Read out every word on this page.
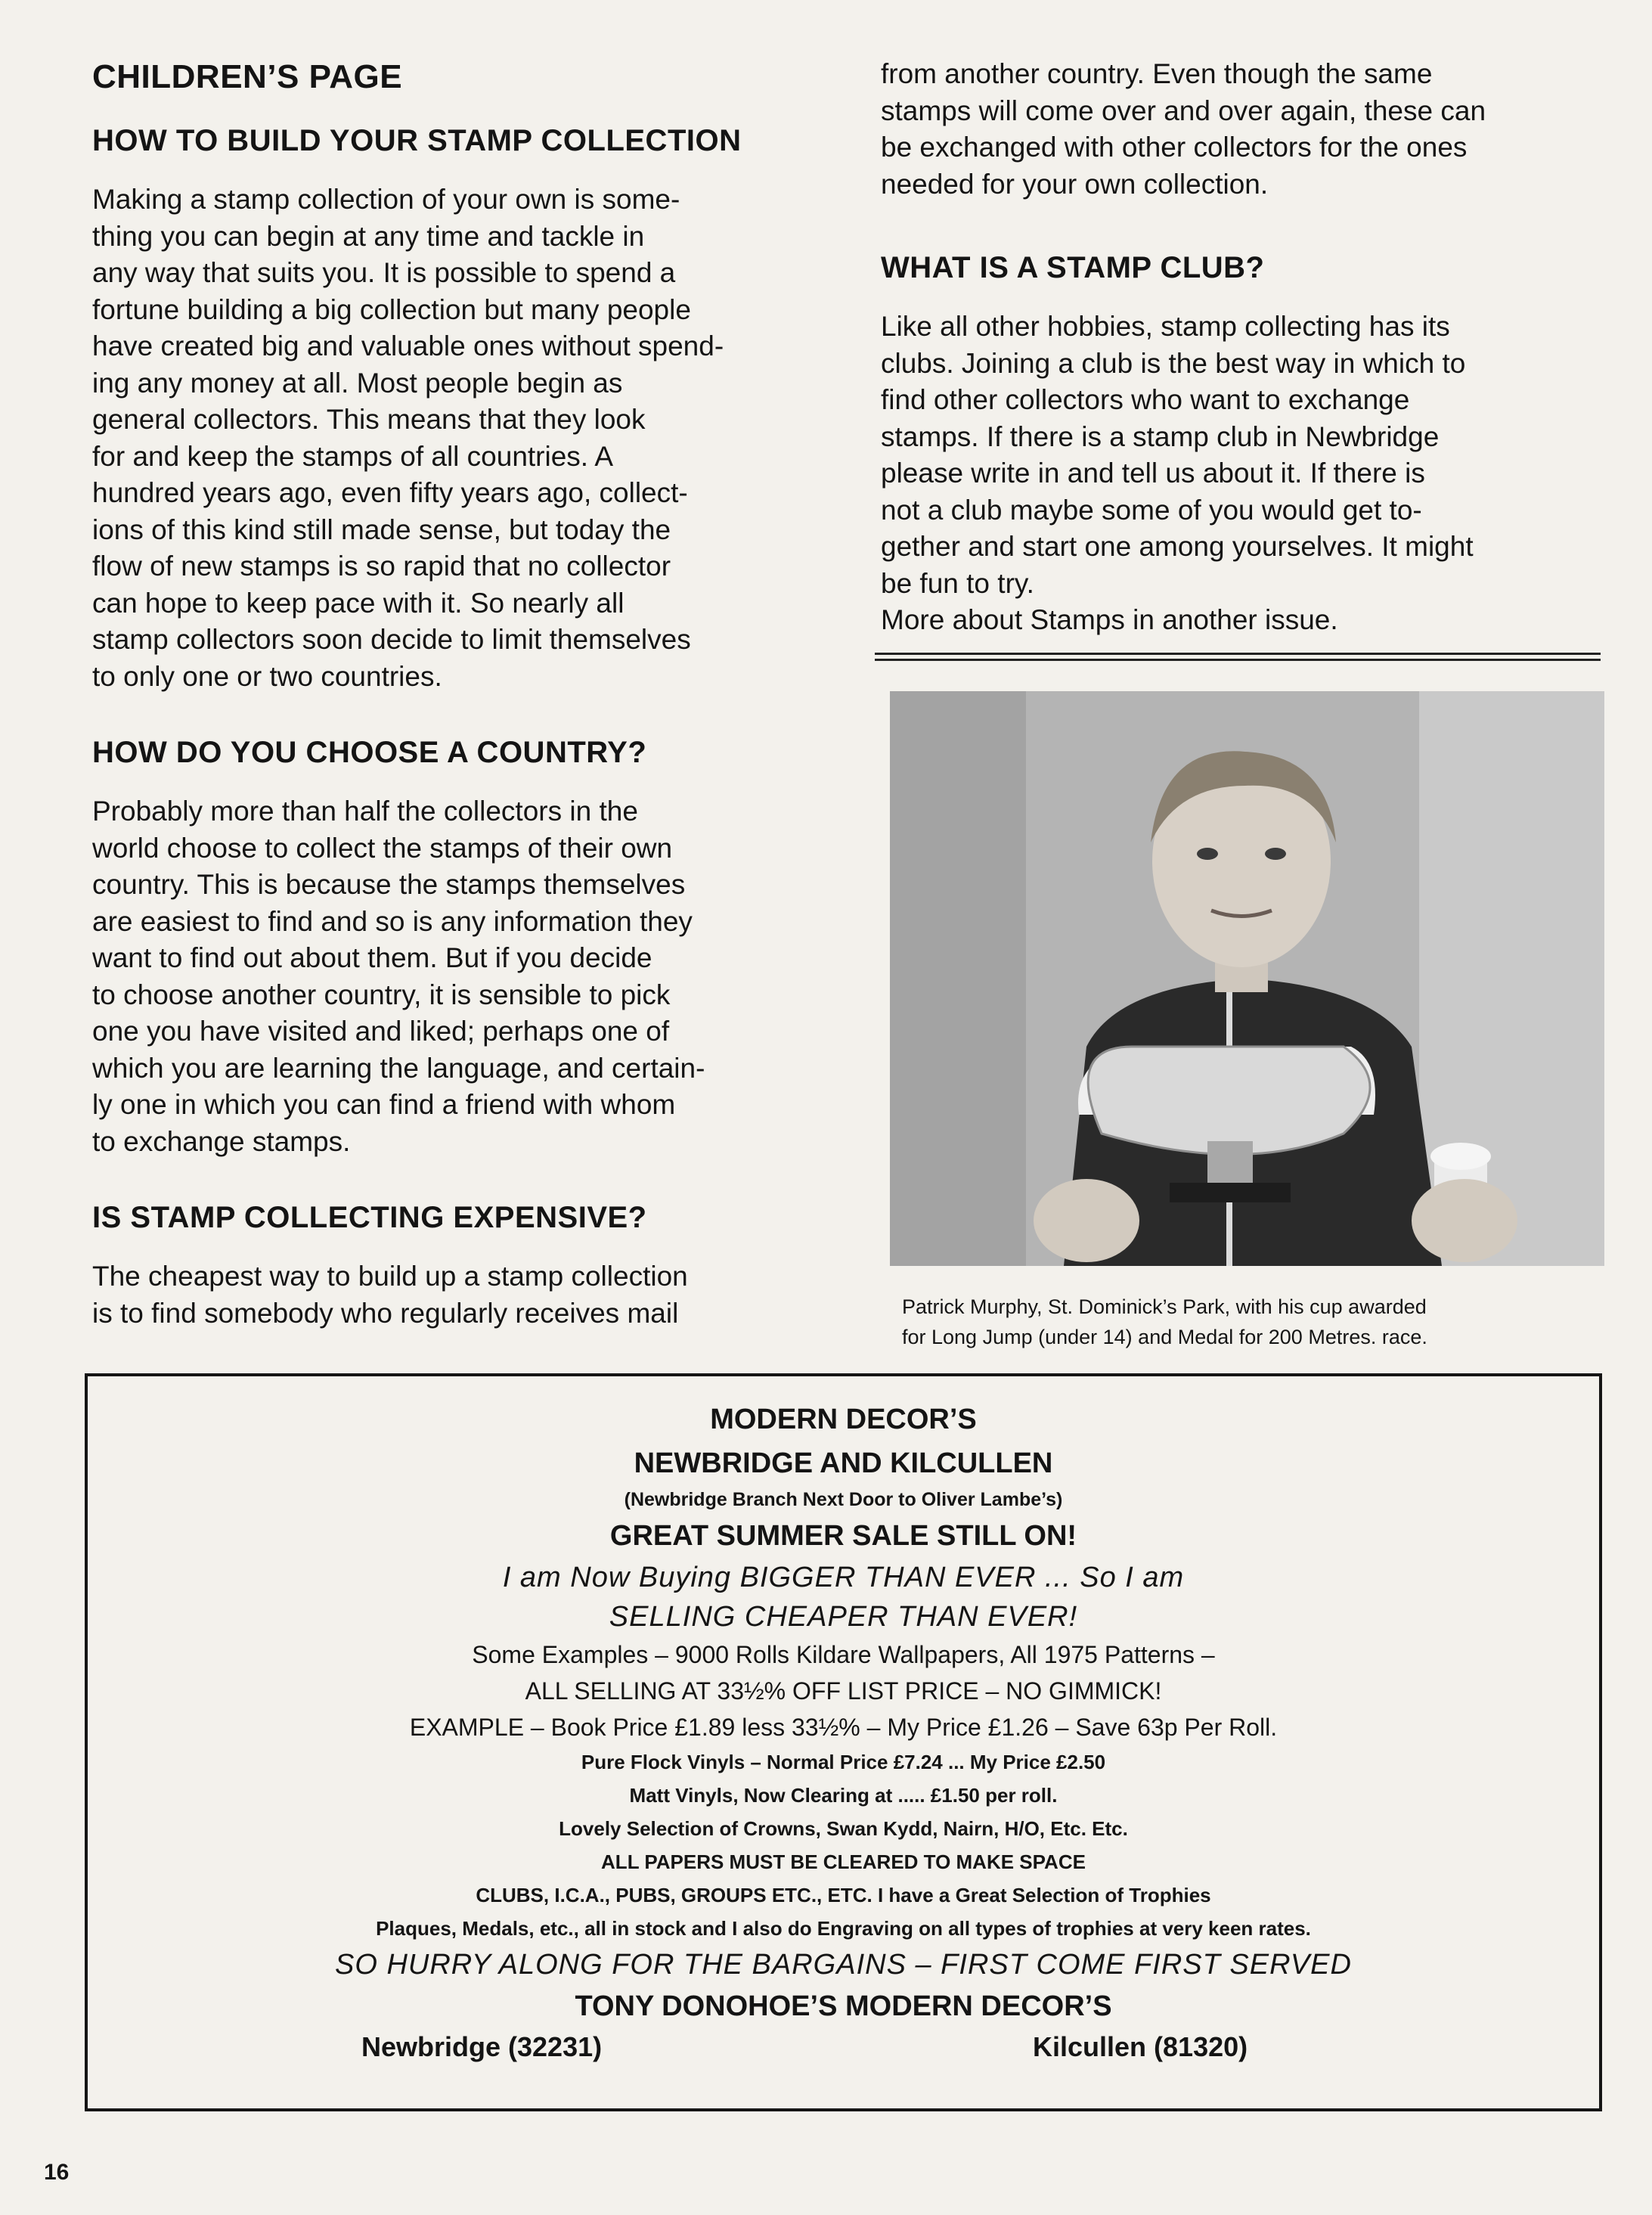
CHILDREN’S PAGE
HOW TO BUILD YOUR STAMP COLLECTION

Making a stamp collection of your own is some-
thing you can begin at any time and tackle in
any way that suits you. It is possible to spend a
fortune building a big collection but many people
have created big and valuable ones without spend-
ing any money at all. Most people begin as
general collectors. This means that they look
for and keep the stamps of all countries. A
hundred years ago, even fifty years ago, collect-
ions of this kind still made sense, but today the
flow of new stamps is so rapid that no collector
can hope to keep pace with it. So nearly all
stamp collectors soon decide to limit themselves
to only one or two countries.

HOW DO YOU CHOOSE A COUNTRY?

Probably more than half the collectors in the
world choose to collect the stamps of their own
country. This is because the stamps themselves
are easiest to find and so is any information they
want to find out about them. But if you decide
to choose another country, it is sensible to pick
one you have visited and liked; perhaps one of
which you are learning the language, and certain-
ly one in which you can find a friend with whom
to exchange stamps.

IS STAMP COLLECTING EXPENSIVE?

The cheapest way to build up a stamp collection
is to find somebody who regularly receives mail

from another country. Even though the same
stamps will come over and over again, these can
be exchanged with other collectors for the ones
needed for your own collection.

WHAT IS A STAMP CLUB?

Like all other hobbies, stamp collecting has its
clubs. Joining a club is the best way in which to
find other collectors who want to exchange
stamps. If there is a stamp club in Newbridge
please write in and tell us about it. If there is
not a club maybe some of you would get to-
gether and start one among yourselves. It might
be fun to try.
More about Stamps in another issue.

Patrick Murphy, St. Dominick’s Park, with his cup awarded
for Long Jump (under 14) and Medal for 200 Metres. race.
MODERN DECOR’S
NEWBRIDGE AND KILCULLEN
(Newbridge Branch Next Door to Oliver Lambe’s)
GREAT SUMMER SALE STILL ON!
I am Now Buying BIGGER THAN EVER ... So I am
SELLING CHEAPER THAN EVER!
Some Examples – 9000 Rolls Kildare Wallpapers, All 1975 Patterns –
ALL SELLING AT 33½% OFF LIST PRICE – NO GIMMICK!
EXAMPLE – Book Price £1.89 less 33½% – My Price £1.26 – Save 63p Per Roll.
Pure Flock Vinyls – Normal Price £7.24 ... My Price £2.50
Matt Vinyls, Now Clearing at ..... £1.50 per roll.
Lovely Selection of Crowns, Swan Kydd, Nairn, H/O, Etc. Etc.
ALL PAPERS MUST BE CLEARED TO MAKE SPACE
CLUBS, I.C.A., PUBS, GROUPS ETC., ETC. I have a Great Selection of Trophies
Plaques, Medals, etc., all in stock and I also do Engraving on all types of trophies at very keen rates.
SO HURRY ALONG FOR THE BARGAINS – FIRST COME FIRST SERVED
TONY DONOHOE’S MODERN DECOR’S
Newbridge (32231)	Kilcullen (81320)
16
